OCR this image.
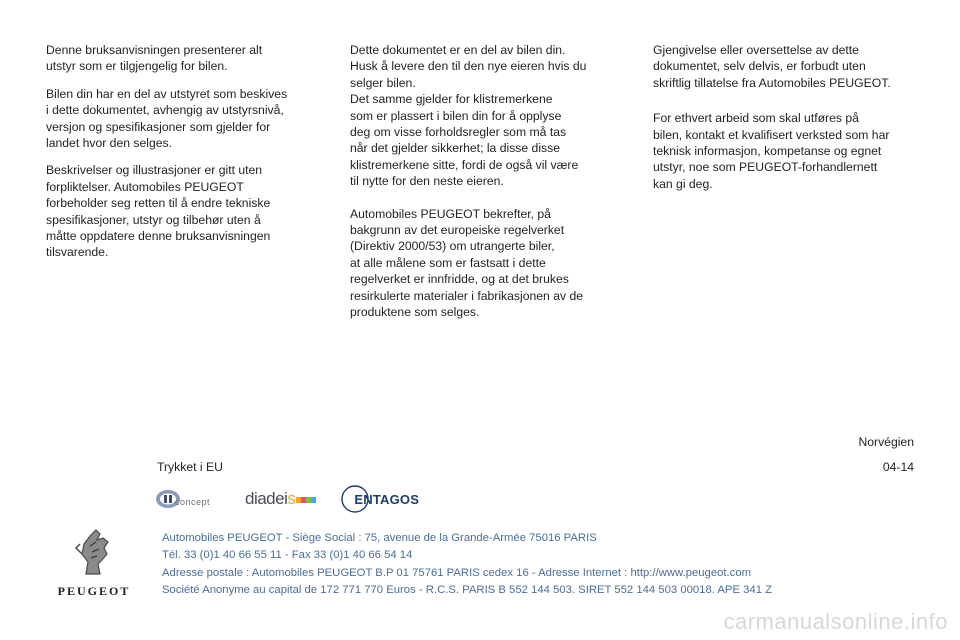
Denne bruksanvisningen presenterer alt
utstyr som er tilgjengelig for bilen.

Bilen din har en del av utstyret som beskives
i dette dokumentet, avhengig av utstyrsnivå,
versjon og spesifikasjoner som gjelder for
landet hvor den selges.

Beskrivelser og illustrasjoner er gitt uten
forpliktelser. Automobiles PEUGEOT
forbeholder seg retten til å endre tekniske
spesifikasjoner, utstyr og tilbehør uten å
måtte oppdatere denne bruksanvisningen
tilsvarende.

Dette dokumentet er en del av bilen din.
Husk å levere den til den nye eieren hvis du
selger bilen.
Det samme gjelder for klistremerkene
som er plassert i bilen din for å opplyse
deg om visse forholdsregler som må tas
når det gjelder sikkerhet; la disse disse
klistremerkene sitte, fordi de også vil være
til nytte for den neste eieren.

Automobiles PEUGEOT bekrefter, på
bakgrunn av det europeiske regelverket
(Direktiv 2000/53) om utrangerte biler,
at alle målene som er fastsatt i dette
regelverket er innfridde, og at det brukes
resirkulerte materialer i fabrikasjonen av de
produktene som selges.

Gjengivelse eller oversettelse av dette
dokumentet, selv delvis, er forbudt uten
skriftlig tillatelse fra Automobiles PEUGEOT.

For ethvert arbeid som skal utføres på
bilen, kontakt et kvalifisert verksted som har
teknisk informasjon, kompetanse og egnet
utstyr, noe som PEUGEOT-forhandlernett
kan gi deg.

Norvégien
Trykket i EU	04-14
concept diadeis	ENTAGOS
PEUGEOT
Automobiles PEUGEOT - Siège Social : 75, avenue de la Grande-Armée 75016 PARIS
Tél. 33 (0)1 40 66 55 11 - Fax 33 (0)1 40 66 54 14
Adresse postale : Automobiles PEUGEOT B.P 01 75761 PARIS cedex 16 - Adresse Internet : http://www.peugeot.com
Société Anonyme au capital de 172 771 770 Euros - R.C.S. PARIS B 552 144 503. SIRET 552 144 503 00018. APE 341 Z
carmanualsonline.info
